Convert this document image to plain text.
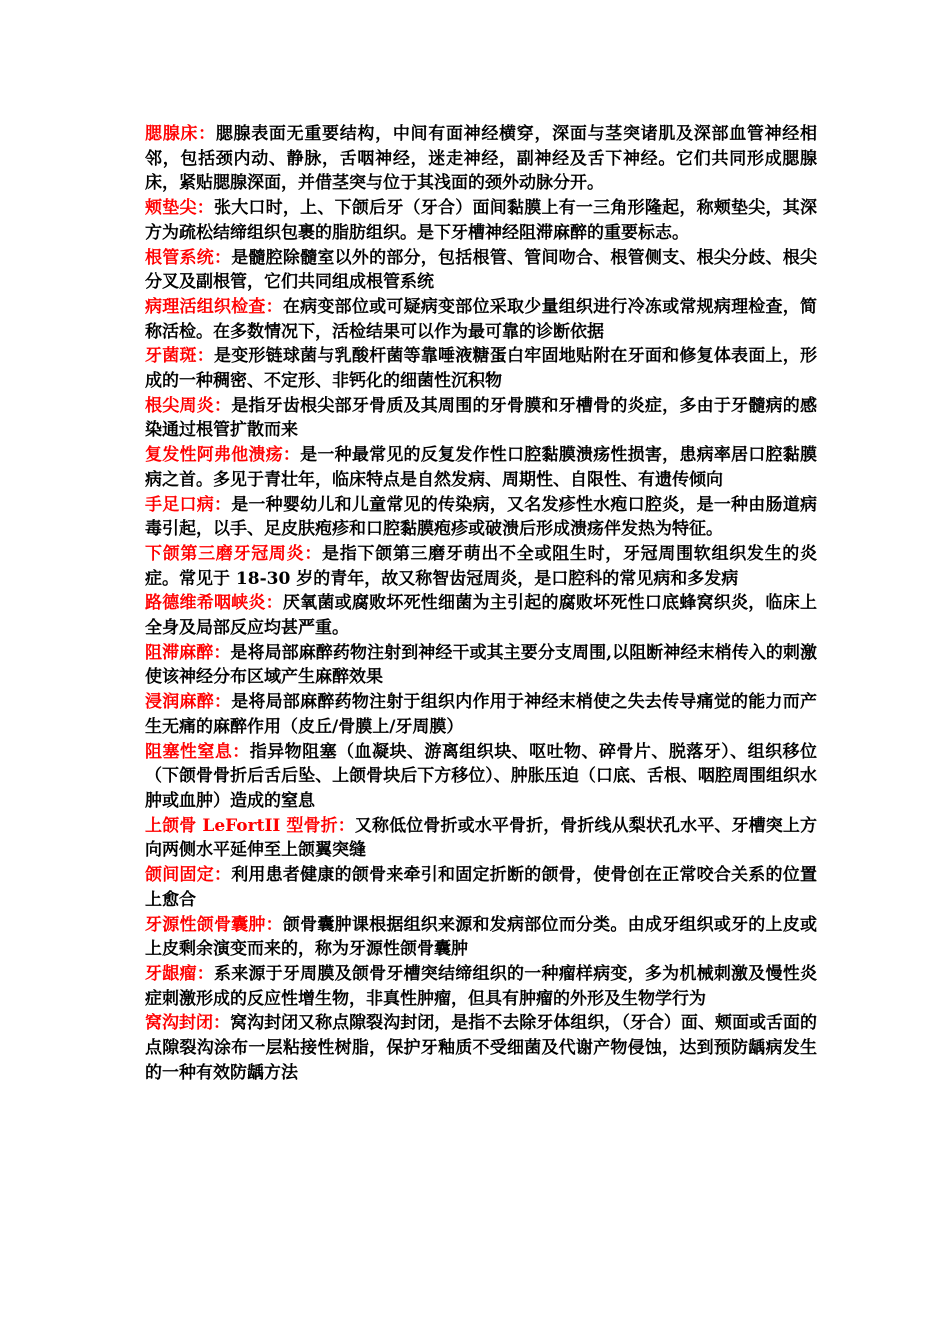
腮腺床：腮腺表面无重要结构，中间有面神经横穿，深面与茎突诸肌及深部血管神经相邻，包括颈内动、静脉，舌咽神经，迷走神经，副神经及舌下神经。它们共同形成腮腺床，紧贴腮腺深面，并借茎突与位于其浅面的颈外动脉分开。

颊垫尖：张大口时，上、下颌后牙（牙合）面间黏膜上有一三角形隆起，称颊垫尖，其深方为疏松结缔组织包裹的脂肪组织。是下牙槽神经阻滞麻醉的重要标志。

根管系统：是髓腔除髓室以外的部分，包括根管、管间吻合、根管侧支、根尖分歧、根尖分叉及副根管，它们共同组成根管系统

病理活组织检查：在病变部位或可疑病变部位采取少量组织进行冷冻或常规病理检查，简称活检。在多数情况下，活检结果可以作为最可靠的诊断依据

牙菌斑：是变形链球菌与乳酸杆菌等靠唾液糖蛋白牢固地贴附在牙面和修复体表面上，形成的一种稠密、不定形、非钙化的细菌性沉积物

根尖周炎：是指牙齿根尖部牙骨质及其周围的牙骨膜和牙槽骨的炎症，多由于牙髓病的感染通过根管扩散而来

复发性阿弗他溃疡：是一种最常见的反复发作性口腔黏膜溃疡性损害，患病率居口腔黏膜病之首。多见于青壮年，临床特点是自然发病、周期性、自限性、有遗传倾向

手足口病：是一种婴幼儿和儿童常见的传染病，又名发疹性水疱口腔炎，是一种由肠道病毒引起，以手、足皮肤疱疹和口腔黏膜疱疹或破溃后形成溃疡伴发热为特征。

下颌第三磨牙冠周炎：是指下颌第三磨牙萌出不全或阻生时，牙冠周围软组织发生的炎症。常见于 18-30 岁的青年，故又称智齿冠周炎，是口腔科的常见病和多发病

路德维希咽峡炎：厌氧菌或腐败坏死性细菌为主引起的腐败坏死性口底蜂窝织炎，临床上全身及局部反应均甚严重。

阻滞麻醉：是将局部麻醉药物注射到神经干或其主要分支周围,以阻断神经末梢传入的刺激使该神经分布区域产生麻醉效果

浸润麻醉：是将局部麻醉药物注射于组织内作用于神经末梢使之失去传导痛觉的能力而产生无痛的麻醉作用（皮丘/骨膜上/牙周膜）

阻塞性窒息：指异物阻塞（血凝块、游离组织块、呕吐物、碎骨片、脱落牙）、组织移位（下颌骨骨折后舌后坠、上颌骨块后下方移位）、肿胀压迫（口底、舌根、咽腔周围组织水肿或血肿）造成的窒息

上颌骨 LeFortII 型骨折：又称低位骨折或水平骨折，骨折线从梨状孔水平、牙槽突上方向两侧水平延伸至上颌翼突缝

颌间固定：利用患者健康的颌骨来牵引和固定折断的颌骨，使骨创在正常咬合关系的位置上愈合

牙源性颌骨囊肿：颌骨囊肿课根据组织来源和发病部位而分类。由成牙组织或牙的上皮或上皮剩余演变而来的，称为牙源性颌骨囊肿

牙龈瘤：系来源于牙周膜及颌骨牙槽突结缔组织的一种瘤样病变，多为机械刺激及慢性炎症刺激形成的反应性增生物，非真性肿瘤，但具有肿瘤的外形及生物学行为

窝沟封闭：窝沟封闭又称点隙裂沟封闭，是指不去除牙体组织，（牙合）面、颊面或舌面的点隙裂沟涂布一层粘接性树脂，保护牙釉质不受细菌及代谢产物侵蚀，达到预防龋病发生的一种有效防龋方法
